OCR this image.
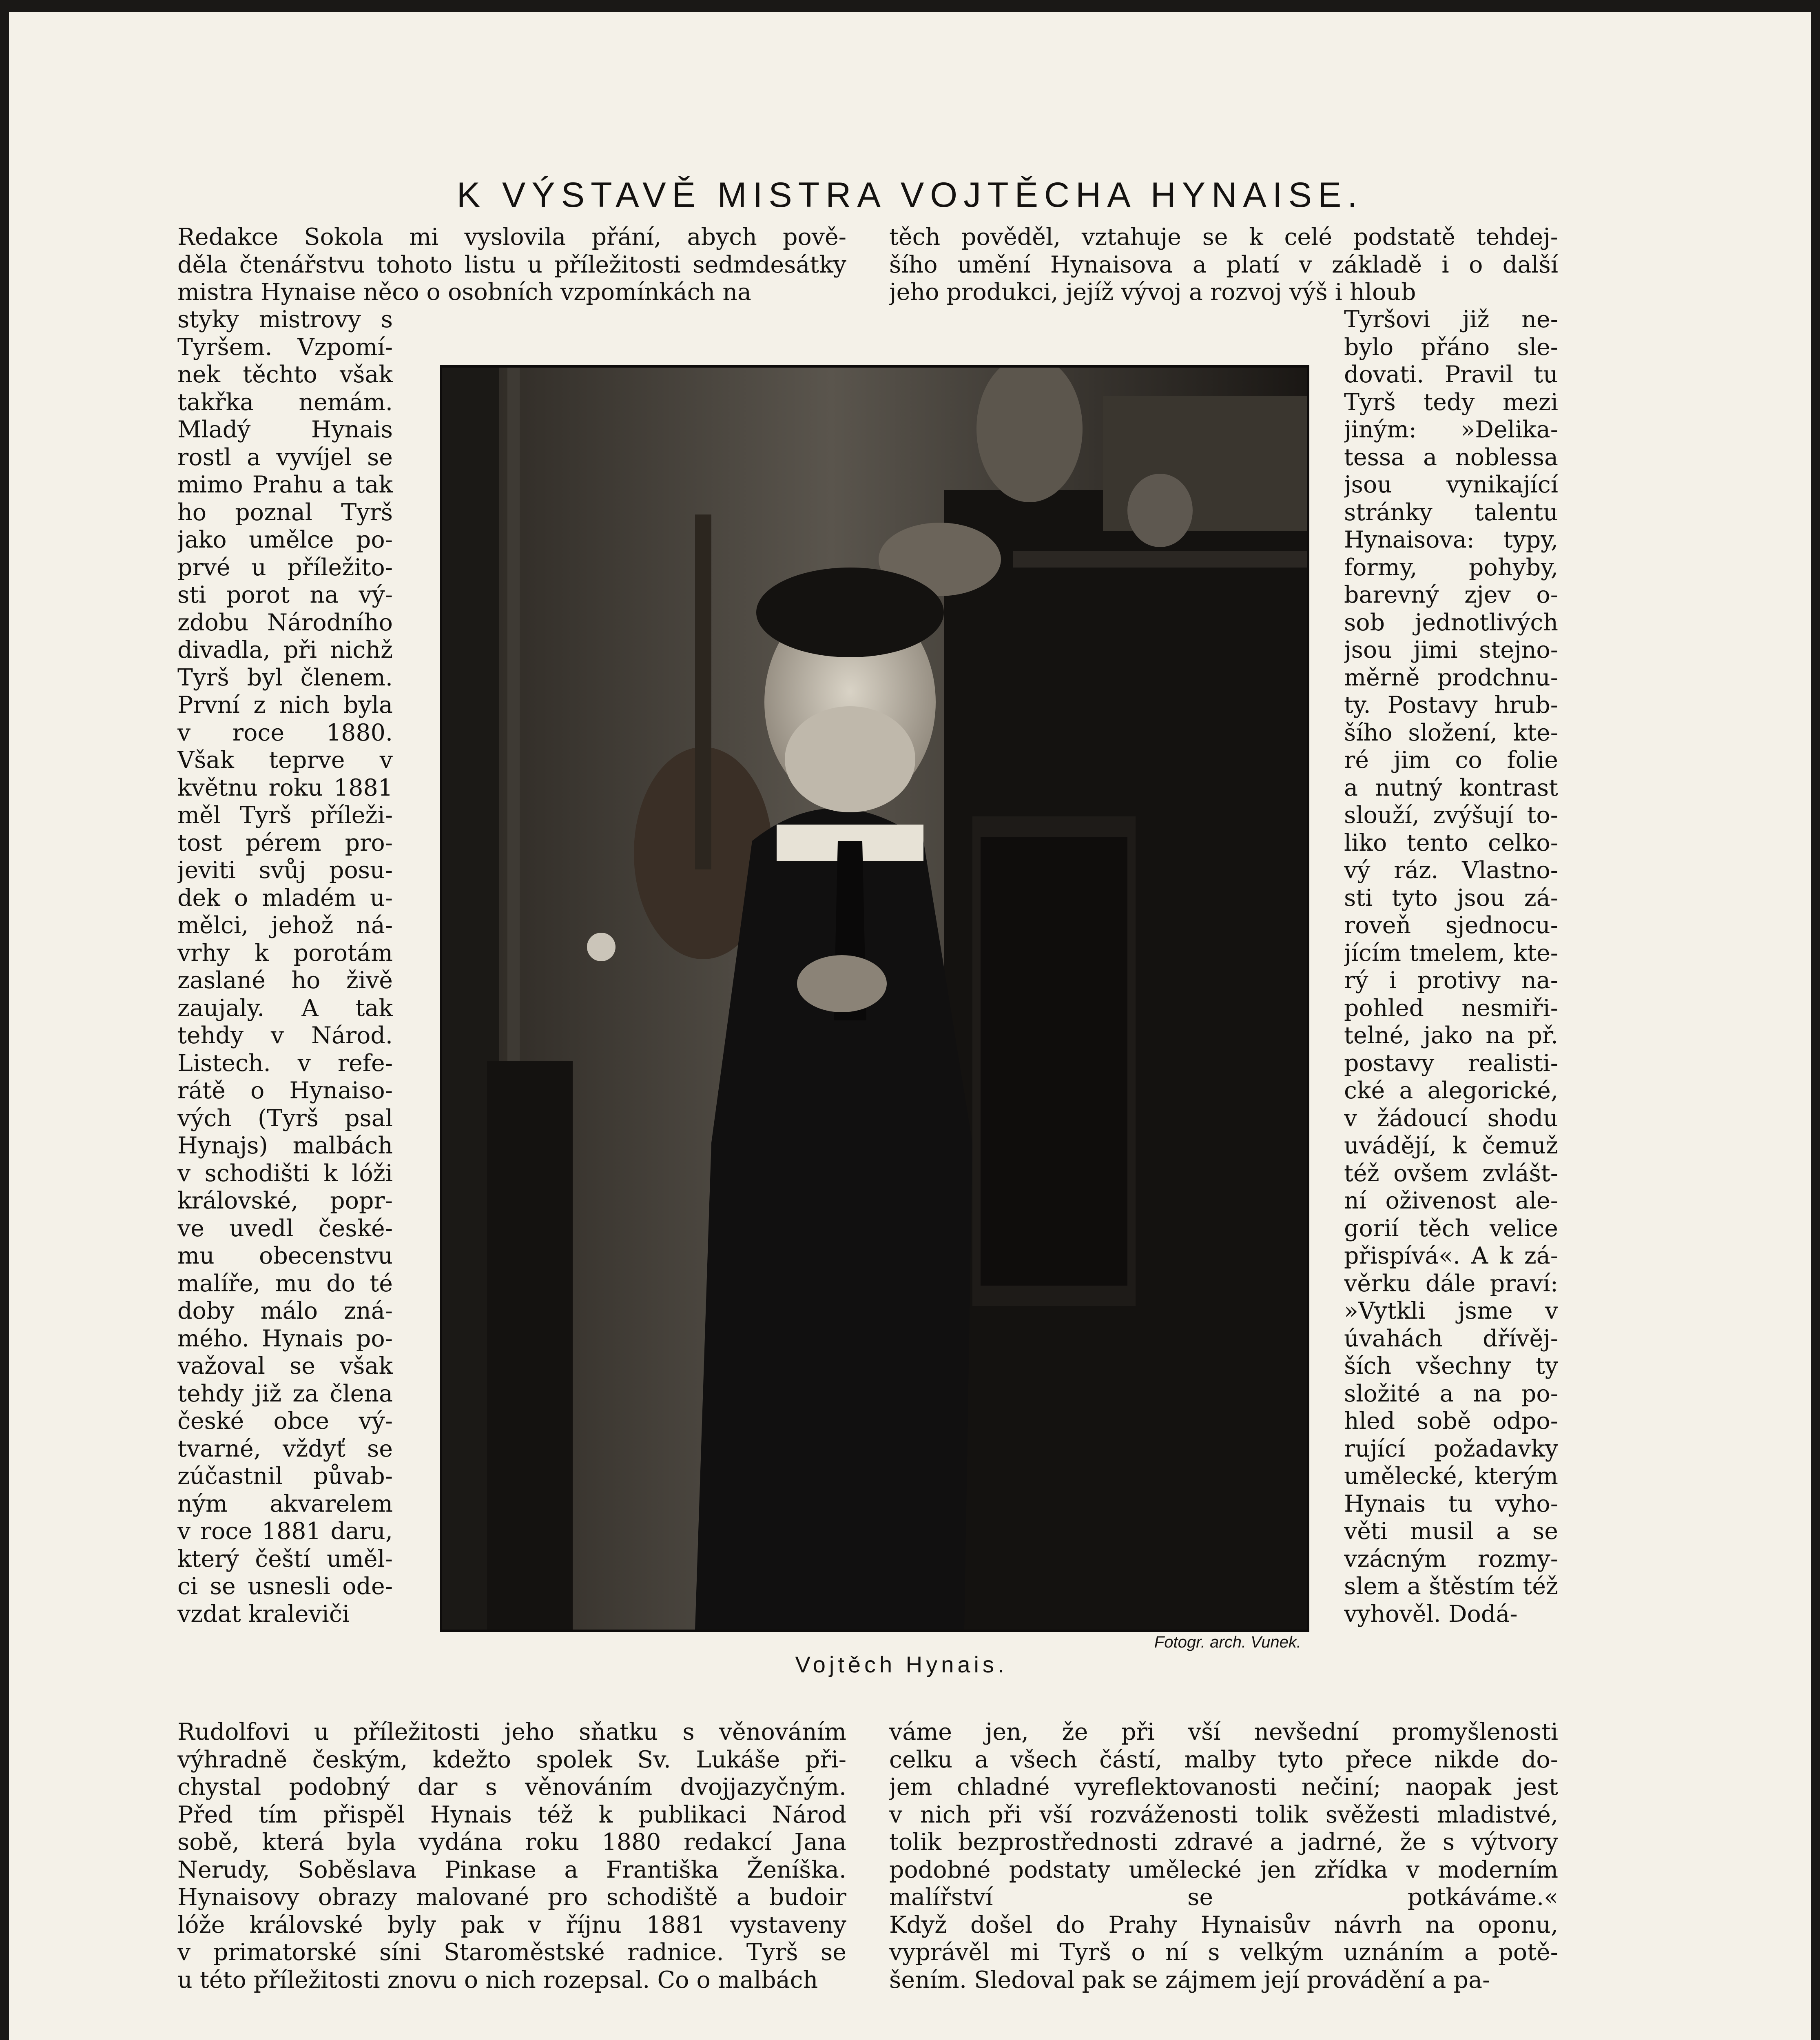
K VÝSTAVĚ MISTRA VOJTĚCHA HYNAISE.
Redakce Sokola mi vyslovila přání, abych pově-
děla čtenářstvu tohoto listu u příležitosti sedmdesátky
mistra Hynaise něco o osobních vzpomínkách na
styky mistrovy s
Tyršem. Vzpomí-
nek těchto však
takřka nemám.
Mladý Hynais
rostl a vyvíjel se
mimo Prahu a tak
ho poznal Tyrš
jako umělce po-
prvé u příležito-
sti porot na vý-
zdobu Národního
divadla, při nichž
Tyrš byl členem.
První z nich byla
v roce 1880.
Však teprve v
květnu roku 1881
měl Tyrš příleži-
tost pérem pro-
jeviti svůj posu-
dek o mladém u-
mělci, jehož ná-
vrhy k porotám
zaslané ho živě
zaujaly. A tak
tehdy v Národ.
Listech. v refe-
rátě o Hynaiso-
vých (Tyrš psal
Hynajs) malbách
v schodišti k lóži
královské, popr-
ve uvedl české-
mu obecenstvu
malíře, mu do té
doby málo zná-
mého. Hynais po-
važoval se však
tehdy již za člena
české obce vý-
tvarné, vždyť se
zúčastnil půvab-
ným akvarelem
v roce 1881 daru,
který čeští uměl-
ci se usnesli ode-
vzdat kraleviči
Rudolfovi u příležitosti jeho sňatku s věnováním
výhradně českým, kdežto spolek Sv. Lukáše při-
chystal podobný dar s věnováním dvojjazyčným.
Před tím přispěl Hynais též k publikaci Národ
sobě, která byla vydána roku 1880 redakcí Jana
Nerudy, Soběslava Pinkase a Františka Ženíška.
Hynaisovy obrazy malované pro schodiště a budoir
lóže královské byly pak v říjnu 1881 vystaveny
v primatorské síni Staroměstské radnice. Tyrš se
u této příležitosti znovu o nich rozepsal. Co o malbách
těch pověděl, vztahuje se k celé podstatě tehdej-
šího umění Hynaisova a platí v základě i o další
jeho produkci, jejíž vývoj a rozvoj výš i hloub
Tyršovi již ne-
bylo přáno sle-
dovati. Pravil tu
Tyrš tedy mezi
jiným: »Delika-
tessa a noblessa
jsou vynikající
stránky talentu
Hynaisova: typy,
formy, pohyby,
barevný zjev o-
sob jednotlivých
jsou jimi stejno-
měrně prodchnu-
ty. Postavy hrub-
šího složení, kte-
ré jim co folie
a nutný kontrast
slouží, zvýšují to-
liko tento celko-
vý ráz. Vlastno-
sti tyto jsou zá-
roveň sjednocu-
jícím tmelem, kte-
rý i protivy na-
pohled nesmiři-
telné, jako na př.
postavy realisti-
cké a alegorické,
v žádoucí shodu
uvádějí, k čemuž
též ovšem zvlášt-
ní oživenost ale-
gorií těch velice
přispívá«. A k zá-
věrku dále praví:
»Vytkli jsme v
úvahách dřívěj-
ších všechny ty
složité a na po-
hled sobě odpo-
rující požadavky
umělecké, kterým
Hynais tu vyho-
věti musil a se
vzácným rozmy-
slem a štěstím též
vyhověl. Dodá-
váme jen, že při vší nevšední promyšlenosti
celku a všech částí, malby tyto přece nikde do-
jem chladné vyreflektovanosti nečiní; naopak jest
v nich při vší rozváženosti tolik svěžesti mladistvé,
tolik bezprostřednosti zdravé a jadrné, že s výtvory
podobné podstaty umělecké jen zřídka v moderním
malířství se potkáváme.«
Když došel do Prahy Hynaisův návrh na oponu,
vyprávěl mi Tyrš o ní s velkým uznáním a potě-
šením. Sledoval pak se zájmem její provádění a pa-
Fotogr. arch. Vunek.
Vojtěch Hynais.
